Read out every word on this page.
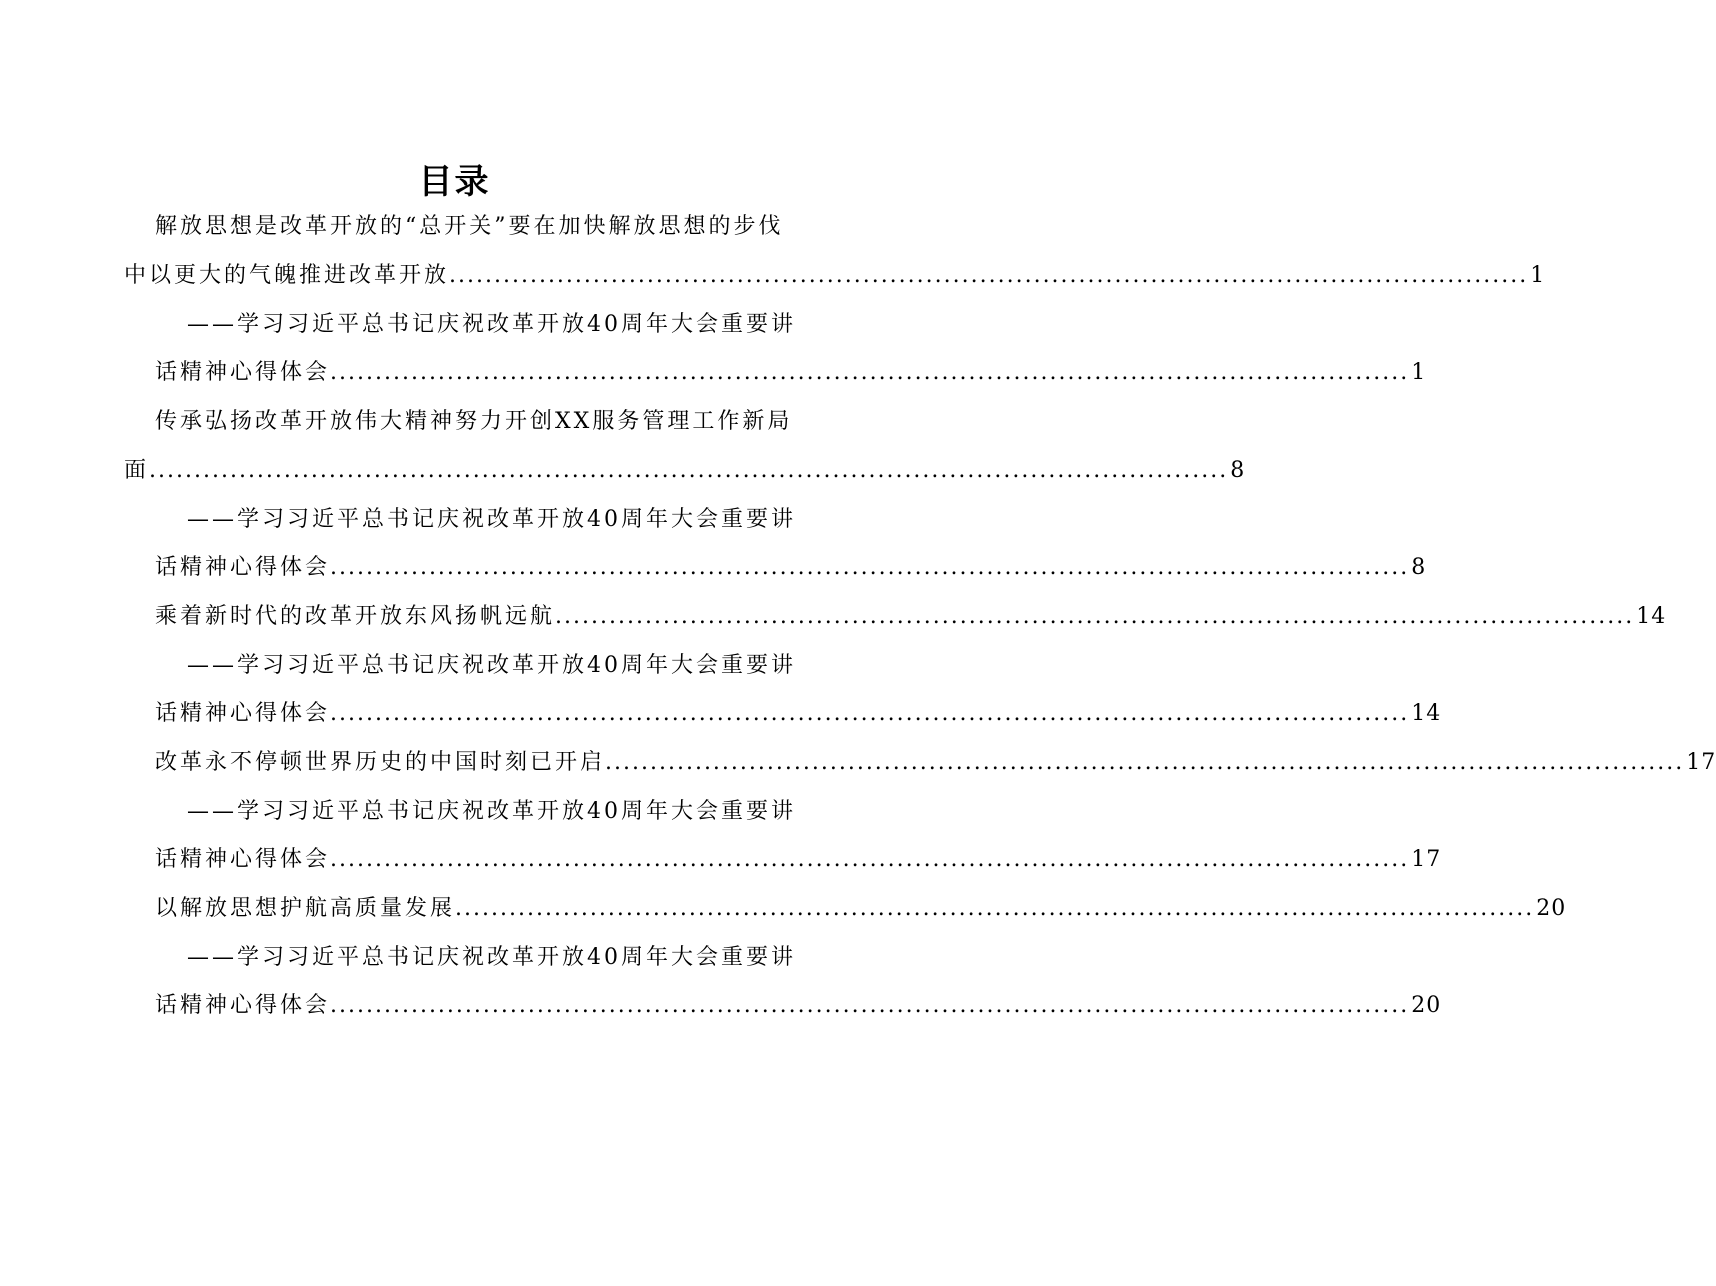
目录
解放思想是改革开放的“总开关”要在加快解放思想的步伐
中以更大的气魄推进改革开放 ........................................................................................................................ 1
——学习习近平总书记庆祝改革开放40周年大会重要讲
话精神心得体会 ........................................................................................................................ 1
传承弘扬改革开放伟大精神努力开创XX服务管理工作新局
面 ........................................................................................................................ 8
——学习习近平总书记庆祝改革开放40周年大会重要讲
话精神心得体会 ........................................................................................................................ 8
乘着新时代的改革开放东风扬帆远航 ........................................................................................................................ 14
——学习习近平总书记庆祝改革开放40周年大会重要讲
话精神心得体会 ........................................................................................................................ 14
改革永不停顿世界历史的中国时刻已开启 ........................................................................................................................ 17
——学习习近平总书记庆祝改革开放40周年大会重要讲
话精神心得体会 ........................................................................................................................ 17
以解放思想护航高质量发展 ........................................................................................................................ 20
——学习习近平总书记庆祝改革开放40周年大会重要讲
话精神心得体会 ........................................................................................................................ 20
